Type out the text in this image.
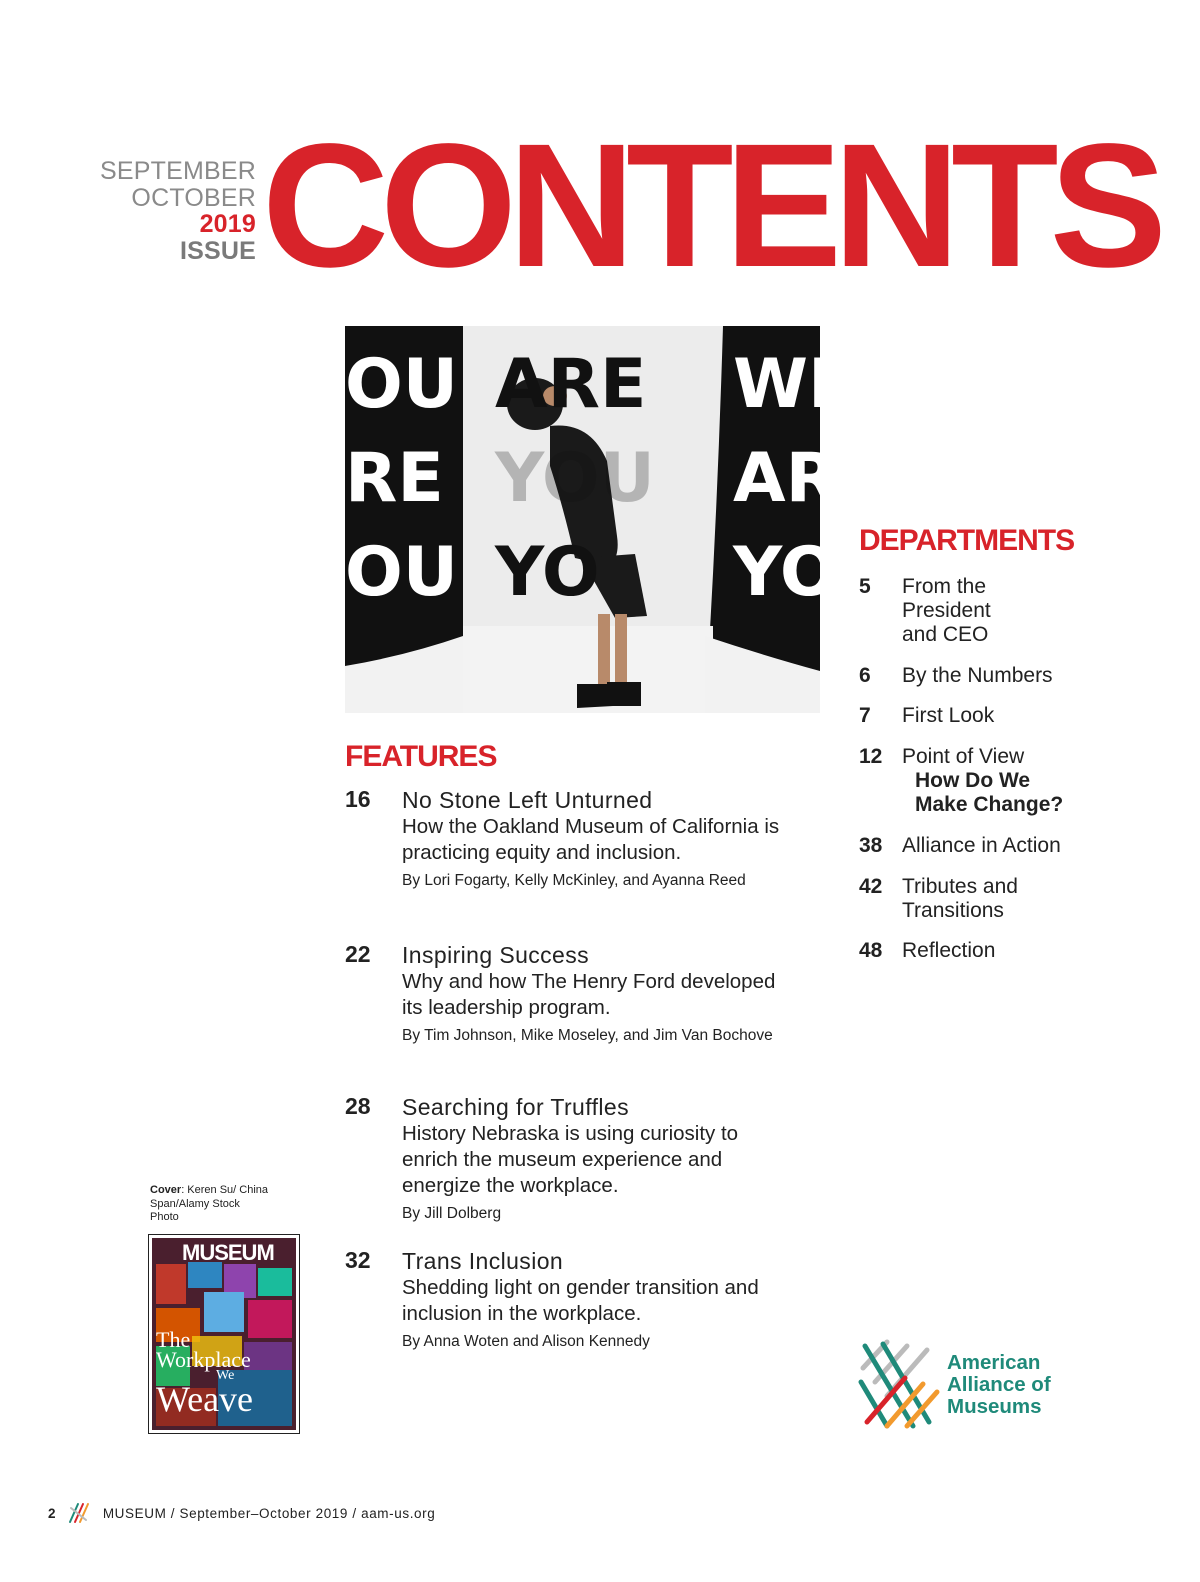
SEPTEMBER
OCTOBER
2019
ISSUE CONTENTS
OU
RE
OU
ARE
YOU
YO
WI
AR
YO
FEATURES
16 No Stone Left Unturned
How the Oakland Museum of California is practicing equity and inclusion.
By Lori Fogarty, Kelly McKinley, and Ayanna Reed
22 Inspiring Success
Why and how The Henry Ford developed its leadership program.
By Tim Johnson, Mike Moseley, and Jim Van Bochove
28 Searching for Truffles
History Nebraska is using curiosity to enrich the museum experience and energize the workplace.
By Jill Dolberg
32 Trans Inclusion
Shedding light on gender transition and inclusion in the workplace.
By Anna Woten and Alison Kennedy
DEPARTMENTS
5 From the President and CEO
6 By the Numbers
7 First Look
12 Point of View
How Do We Make Change?
38 Alliance in Action
42 Tributes and Transitions
48 Reflection
Cover: Keren Su/ China Span/Alamy Stock Photo
MUSEUM
The
Workplace
We
Weave
American
Alliance of
Museums
2	MUSEUM / September–October 2019 / aam-us.org
